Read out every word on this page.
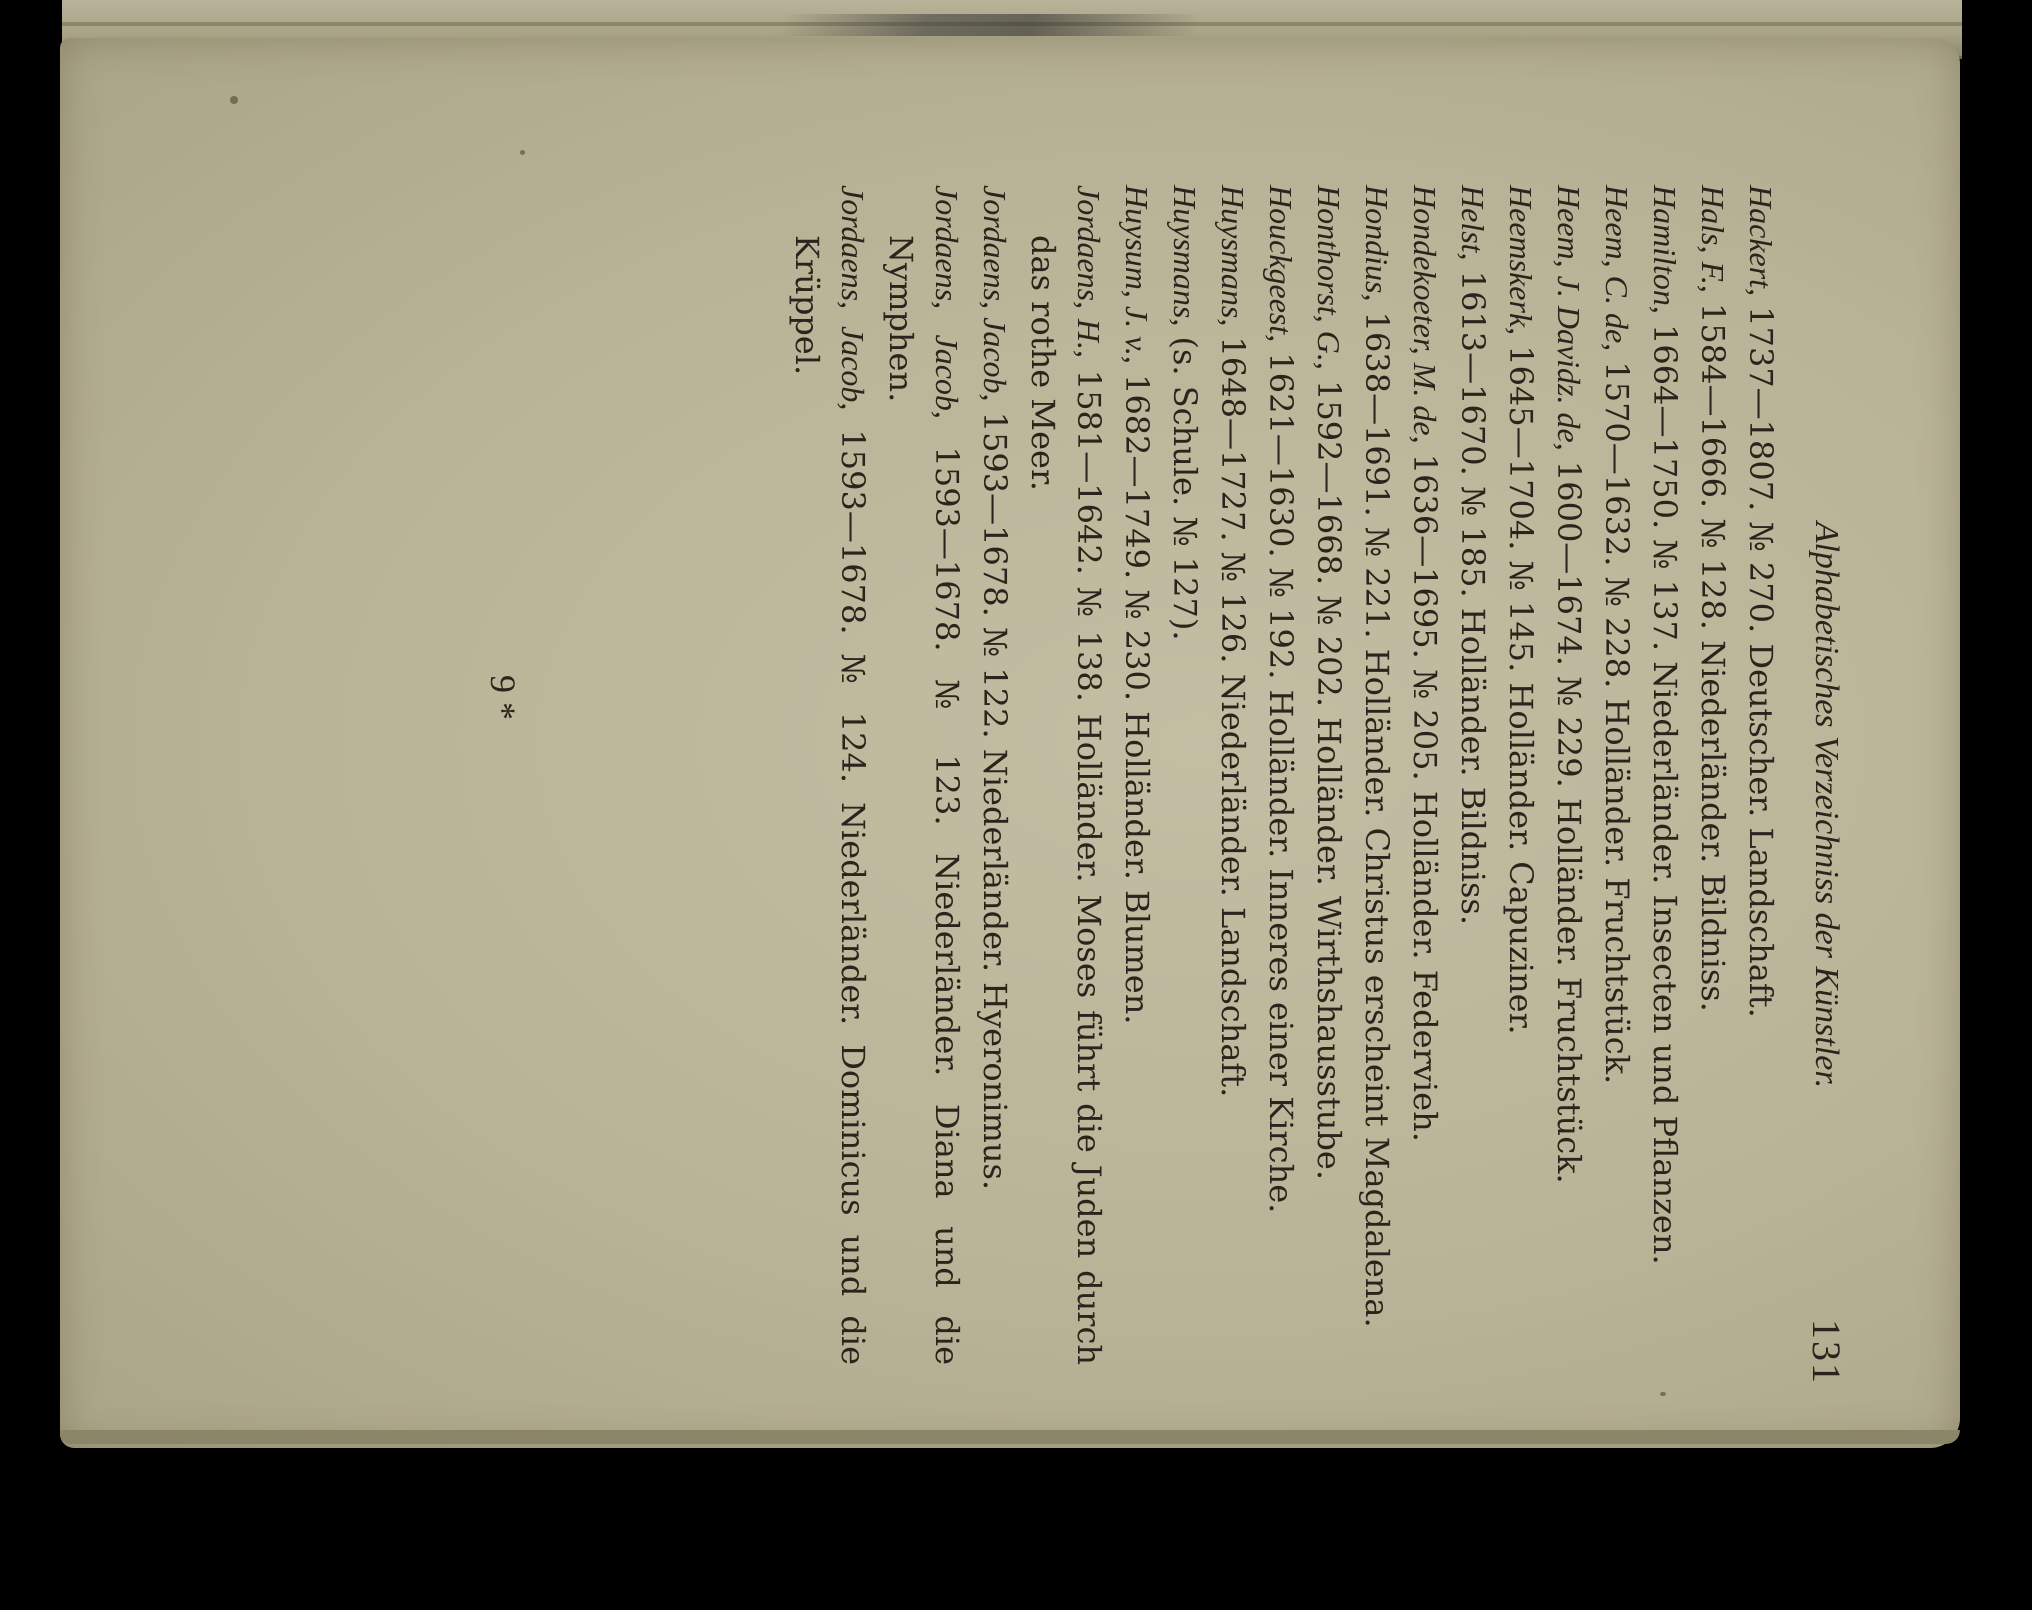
Alphabetisches Verzeichniss der Künstler.
131

Hackert, 1737—1807. № 270. Deutscher. Landschaft.

Hals, F., 1584—1666. № 128. Niederländer. Bildniss.

Hamilton, 1664—1750. № 137. Niederländer. Insecten und Pflanzen.

Heem, C. de, 1570—1632. № 228. Holländer. Fruchtstück.

Heem, J. Davidz. de, 1600—1674. № 229. Holländer. Fruchtstück.

Heemskerk, 1645—1704. № 145. Holländer. Capuziner.

Helst, 1613—1670. № 185. Holländer. Bildniss.

Hondekoeter, M. de, 1636—1695. № 205. Holländer. Federvieh.

Hondius, 1638—1691. № 221. Holländer. Christus erscheint Magdalena.

Honthorst, G., 1592—1668. № 202. Holländer. Wirthshausstube.

Houckgeest, 1621—1630. № 192. Holländer. Inneres einer Kirche.

Huysmans, 1648—1727. № 126. Niederländer. Landschaft.

Huysmans, (s. Schule. № 127).

Huysum, J. v., 1682—1749. № 230. Holländer. Blumen.

Jordaens, H., 1581—1642. № 138. Holländer. Moses führt die Juden durch das rothe Meer.

Jordaens, Jacob, 1593—1678. № 122. Niederländer. Hyeronimus.

Jordaens, Jacob, 1593—1678. № 123. Niederländer. Diana und die Nymphen.

Jordaens, Jacob, 1593—1678. № 124. Niederländer. Dominicus und die Krüppel.

9 *
